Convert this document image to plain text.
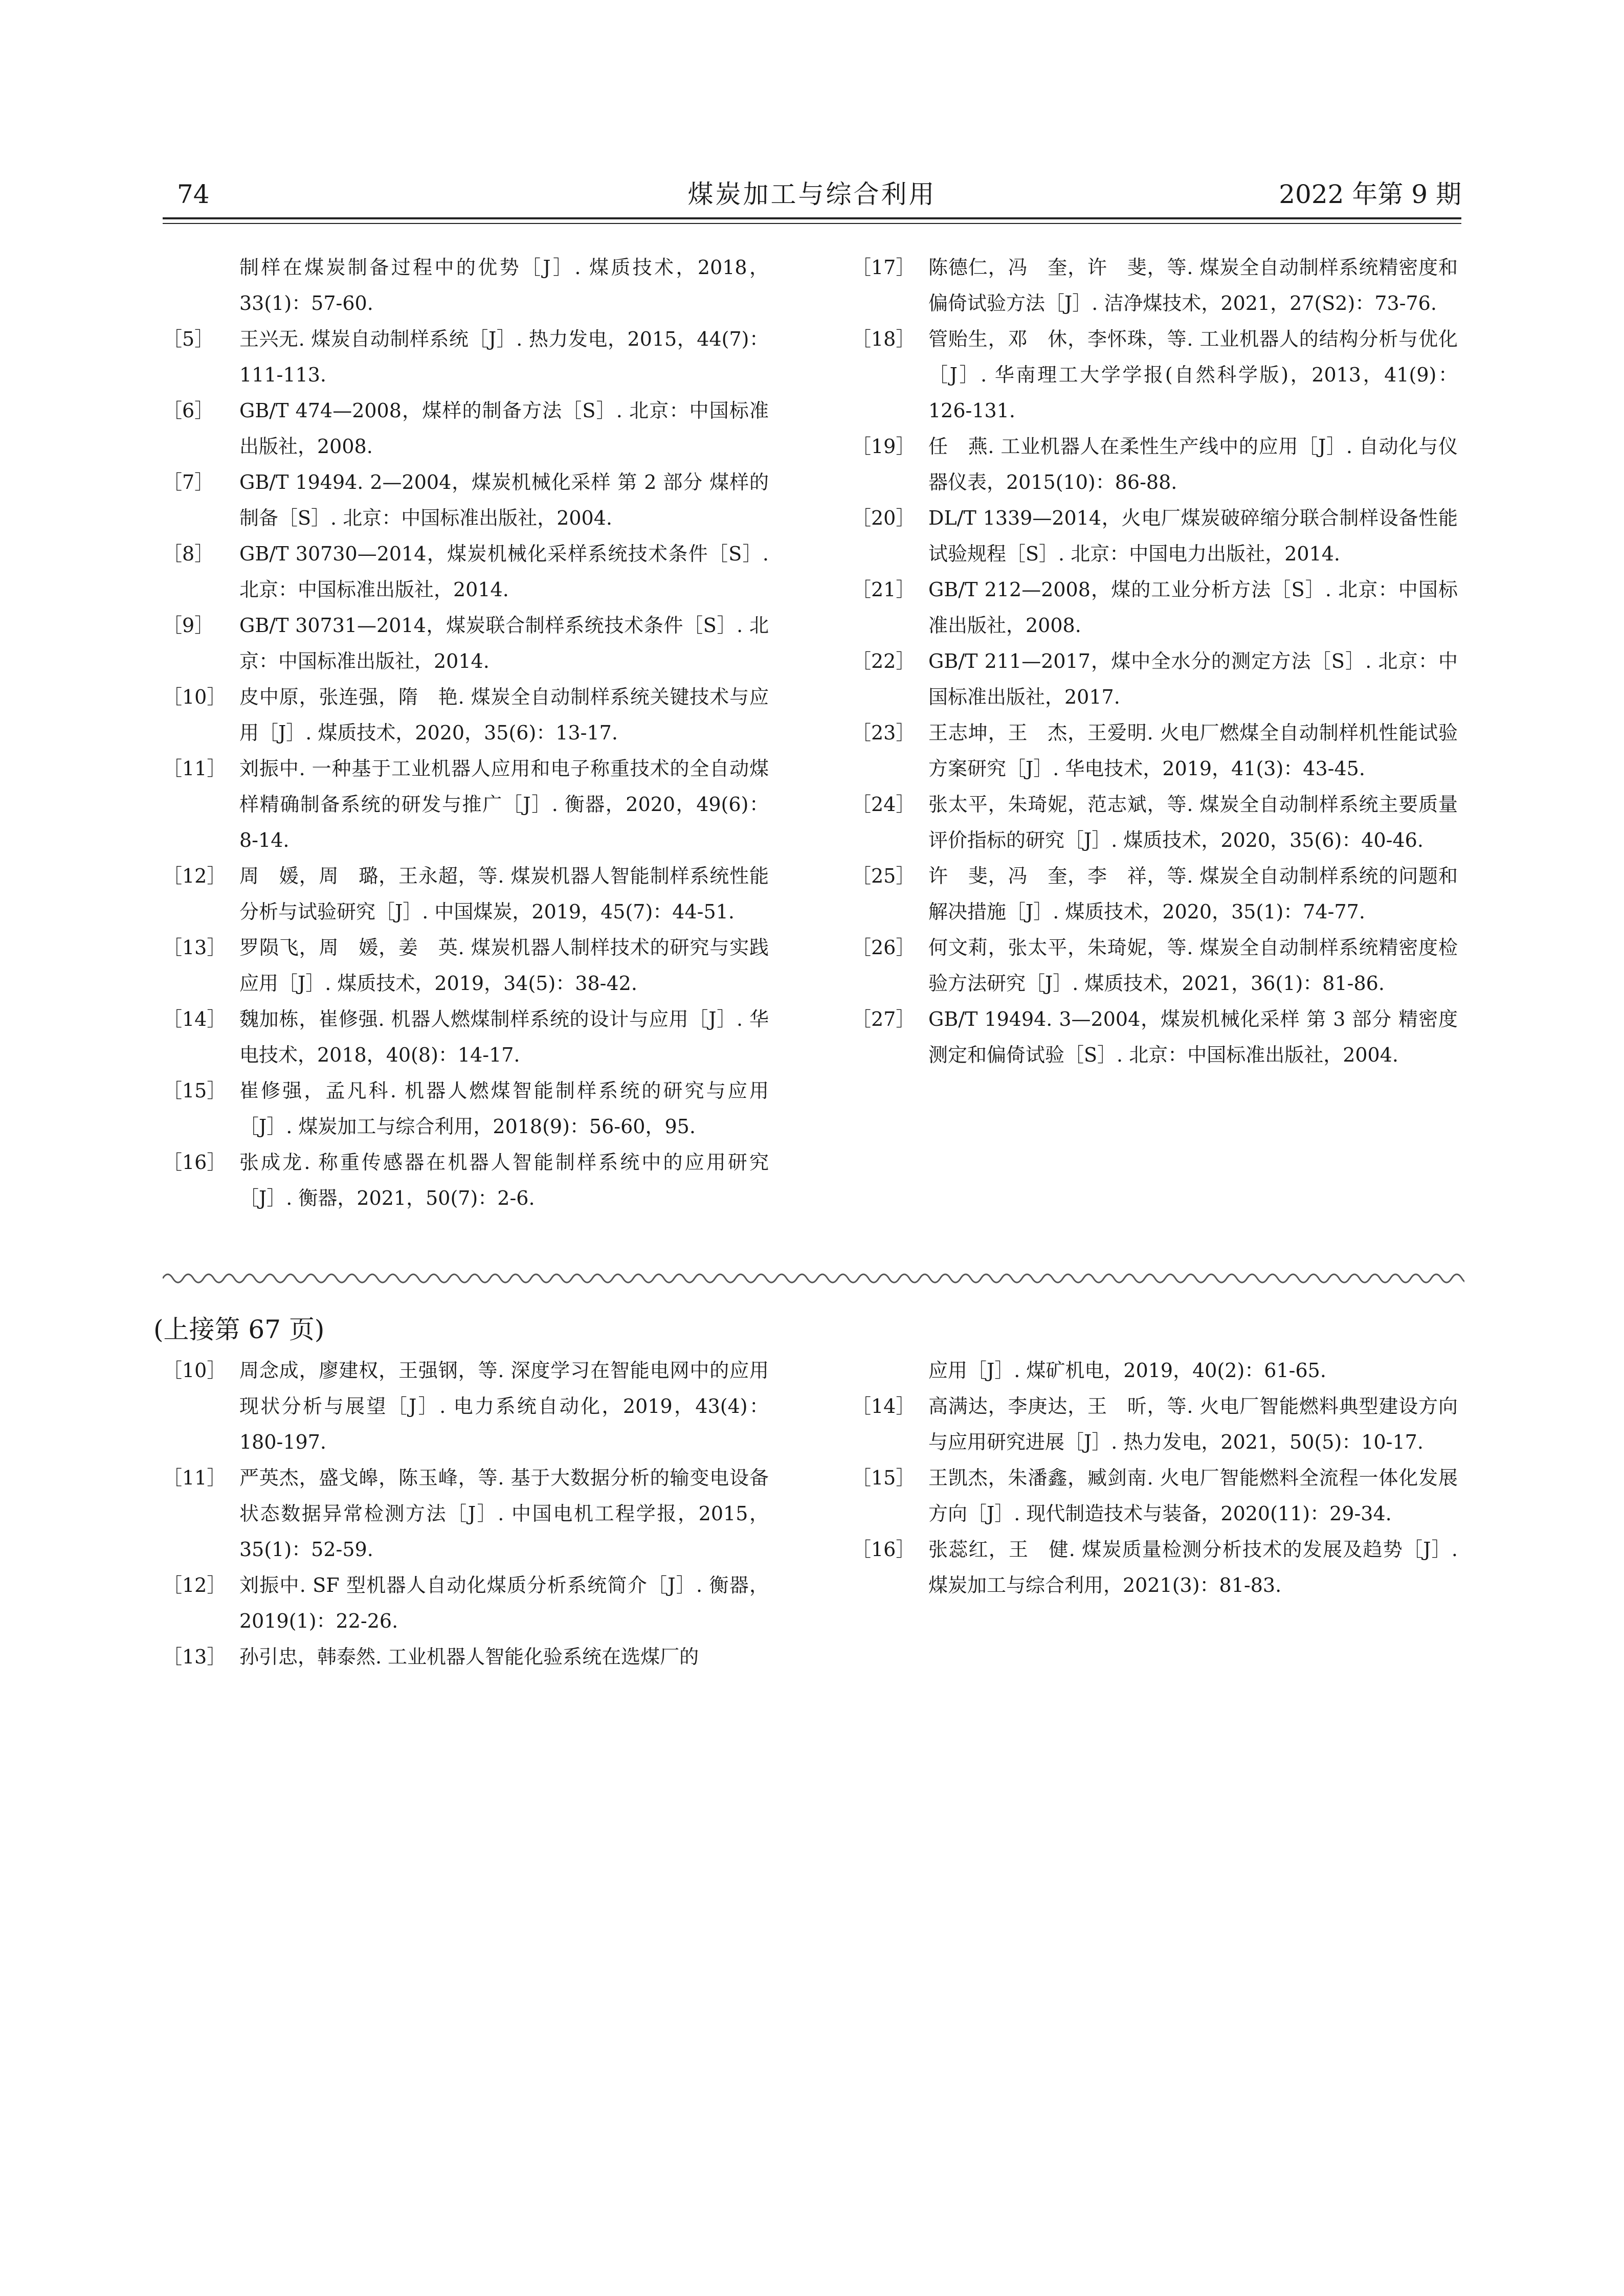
74	煤炭加工与综合利用	2022 年第 9 期
制样在煤炭制备过程中的优势［J］. 煤质技术，2018，33(1)：57-60.
［5］	王兴无. 煤炭自动制样系统［J］. 热力发电，2015，44(7)：111-113.
［6］	GB/T 474—2008，煤样的制备方法［S］. 北京：中国标准出版社，2008.
［7］	GB/T 19494. 2—2004，煤炭机械化采样 第 2 部分 煤样的制备［S］. 北京：中国标准出版社，2004.
［8］	GB/T 30730—2014，煤炭机械化采样系统技术条件［S］. 北京：中国标准出版社，2014.
［9］	GB/T 30731—2014，煤炭联合制样系统技术条件［S］. 北京：中国标准出版社，2014.
［10］ 皮中原，张连强，隋　艳. 煤炭全自动制样系统关键技术与应用［J］. 煤质技术，2020，35(6)：13-17.
［11］ 刘振中. 一种基于工业机器人应用和电子称重技术的全自动煤样精确制备系统的研发与推广［J］. 衡器，2020，49(6)：8-14.
［12］ 周　媛，周　璐，王永超，等. 煤炭机器人智能制样系统性能分析与试验研究［J］. 中国煤炭，2019，45(7)：44-51.
［13］ 罗陨飞，周　媛，姜　英. 煤炭机器人制样技术的研究与实践应用［J］. 煤质技术，2019，34(5)：38-42.
［14］ 魏加栋，崔修强. 机器人燃煤制样系统的设计与应用［J］. 华电技术，2018，40(8)：14-17.
［15］ 崔修强，孟凡科. 机器人燃煤智能制样系统的研究与应用［J］. 煤炭加工与综合利用，2018(9)：56-60，95.
［16］ 张成龙. 称重传感器在机器人智能制样系统中的应用研究［J］. 衡器，2021，50(7)：2-6.
［17］ 陈德仁，冯　奎，许　斐，等. 煤炭全自动制样系统精密度和偏倚试验方法［J］. 洁净煤技术，2021，27(S2)：73-76.
［18］ 管贻生，邓　休，李怀珠，等. 工业机器人的结构分析与优化［J］. 华南理工大学学报(自然科学版)，2013，41(9)：126-131.
［19］ 任　燕. 工业机器人在柔性生产线中的应用［J］. 自动化与仪器仪表，2015(10)：86-88.
［20］ DL/T 1339—2014，火电厂煤炭破碎缩分联合制样设备性能试验规程［S］. 北京：中国电力出版社，2014.
［21］ GB/T 212—2008，煤的工业分析方法［S］. 北京：中国标准出版社，2008.
［22］ GB/T 211—2017，煤中全水分的测定方法［S］. 北京：中国标准出版社，2017.
［23］ 王志坤，王　杰，王爱明. 火电厂燃煤全自动制样机性能试验方案研究［J］. 华电技术，2019，41(3)：43-45.
［24］ 张太平，朱琦妮，范志斌，等. 煤炭全自动制样系统主要质量评价指标的研究［J］. 煤质技术，2020，35(6)：40-46.
［25］ 许　斐，冯　奎，李　祥，等. 煤炭全自动制样系统的问题和解决措施［J］. 煤质技术，2020，35(1)：74-77.
［26］ 何文莉，张太平，朱琦妮，等. 煤炭全自动制样系统精密度检验方法研究［J］. 煤质技术，2021，36(1)：81-86.
［27］ GB/T 19494. 3—2004，煤炭机械化采样 第 3 部分 精密度测定和偏倚试验［S］. 北京：中国标准出版社，2004.
(上接第 67 页)
［10］ 周念成，廖建权，王强钢，等. 深度学习在智能电网中的应用现状分析与展望［J］. 电力系统自动化，2019，43(4)：180-197.
［11］ 严英杰，盛戈皞，陈玉峰，等. 基于大数据分析的输变电设备状态数据异常检测方法［J］. 中国电机工程学报，2015，35(1)：52-59.
［12］ 刘振中. SF 型机器人自动化煤质分析系统简介［J］. 衡器，2019(1)：22-26.
［13］ 孙引忠，韩泰然. 工业机器人智能化验系统在选煤厂的
应用［J］. 煤矿机电，2019，40(2)：61-65.
［14］ 高满达，李庚达，王　昕，等. 火电厂智能燃料典型建设方向与应用研究进展［J］. 热力发电，2021，50(5)：10-17.
［15］ 王凯杰，朱潘鑫，臧剑南. 火电厂智能燃料全流程一体化发展方向［J］. 现代制造技术与装备，2020(11)：29-34.
［16］ 张蕊红，王　健. 煤炭质量检测分析技术的发展及趋势［J］. 煤炭加工与综合利用，2021(3)：81-83.
